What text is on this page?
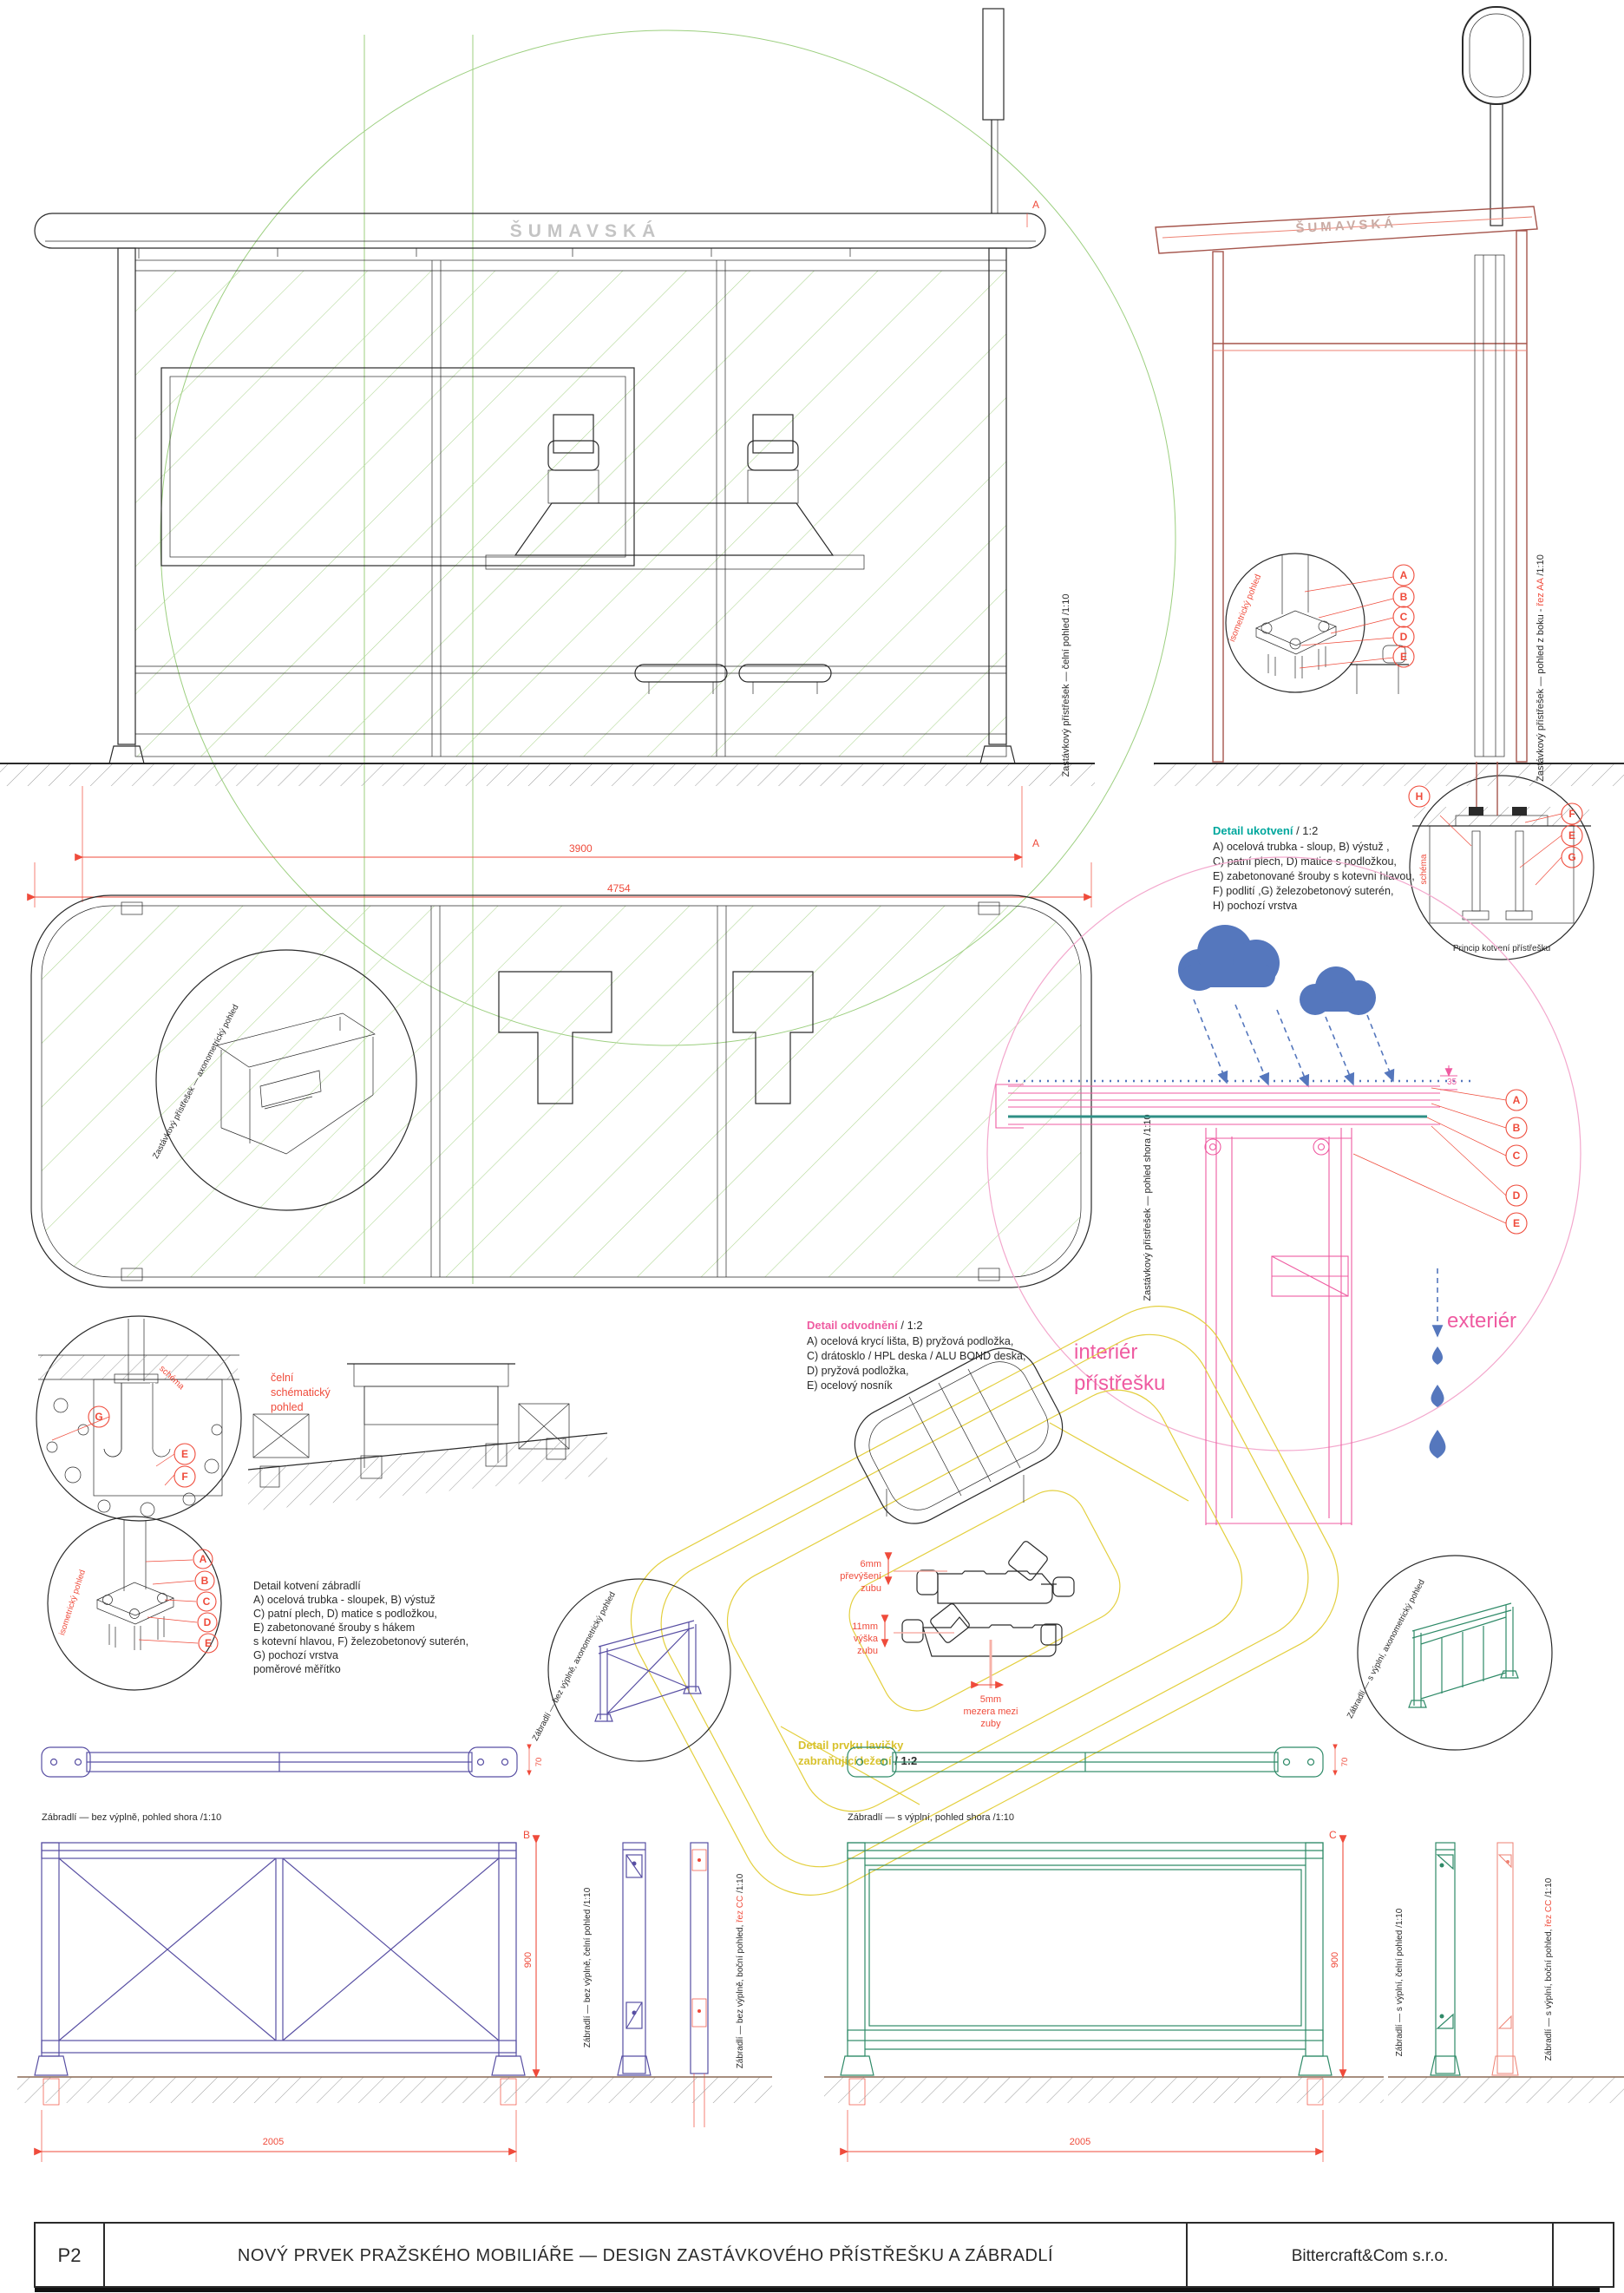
3900
4754
A
A
ŠUMAVSKÁ
Zastávkový přístřešek — čelní pohled /1:10
ŠUMAVSKÁ
isometrický pohled	A
B
C
D
E	Zastávkový přístřešek — pohled z boku - řez AA /1:10
H
F
E
G
schéma
Princip kotvení přístřešku
Detail ukotvení / 1:2
A) ocelová trubka - sloup, B) výstuž ,
C) patní plech, D) matice s podložkou,
E) zabetonované šrouby s kotevní hlavou,
F) podlití ,G) železobetonový suterén,
H) pochozí vrstva
Zastávkový přístřešek — axonometrický pohled
Zastávkový přístřešek — pohled shora /1:10
A
B
C
D
E
35
interiér
přístřešku
exteriér
Detail odvodnění / 1:2
A) ocelová krycí lišta, B) pryžová podložka,
C) drátosklo / HPL deska / ALU BOND deska,
D) pryžová podložka,
E) ocelový nosník
G
E
F
schéma	čelní
schématický
pohled
A
B
C
D
E
isometrický pohled	Detail kotvení zábradlí
A) ocelová trubka - sloupek, B) výstuž
C) patní plech, D) matice s podložkou,
E) zabetonované šrouby s hákem
s kotevní hlavou, F) železobetonový suterén,
G) pochozí vrstva
poměrové měřítko
6mm
převýšení
zubu
11mm
výška
zubu
5mm
mezera mezi
zuby
Detail prvku lavičky
zabraňující ležení / 1:2
Zábradlí — bez výplně, axonometrický pohled	Zábradlí — s výplní, axonometrický pohled
70
Zábradlí — bez výplně, pohled shora /1:10
70
Zábradlí — s výplní, pohled shora /1:10
B
900
2005
Zábradlí — bez výplně, čelní pohled /1:10	Zábradlí — bez výplně, boční pohled, řez CC /1:10
C
900
2005
Zábradlí — s výplní, čelní pohled /1:10	Zábradlí — s výplní, boční pohled, řez CC /1:10
P2	NOVÝ PRVEK PRAŽSKÉHO MOBILIÁŘE — DESIGN ZASTÁVKOVÉHO PŘÍSTŘEŠKU A ZÁBRADLÍ	Bittercraft&Com s.r.o.
